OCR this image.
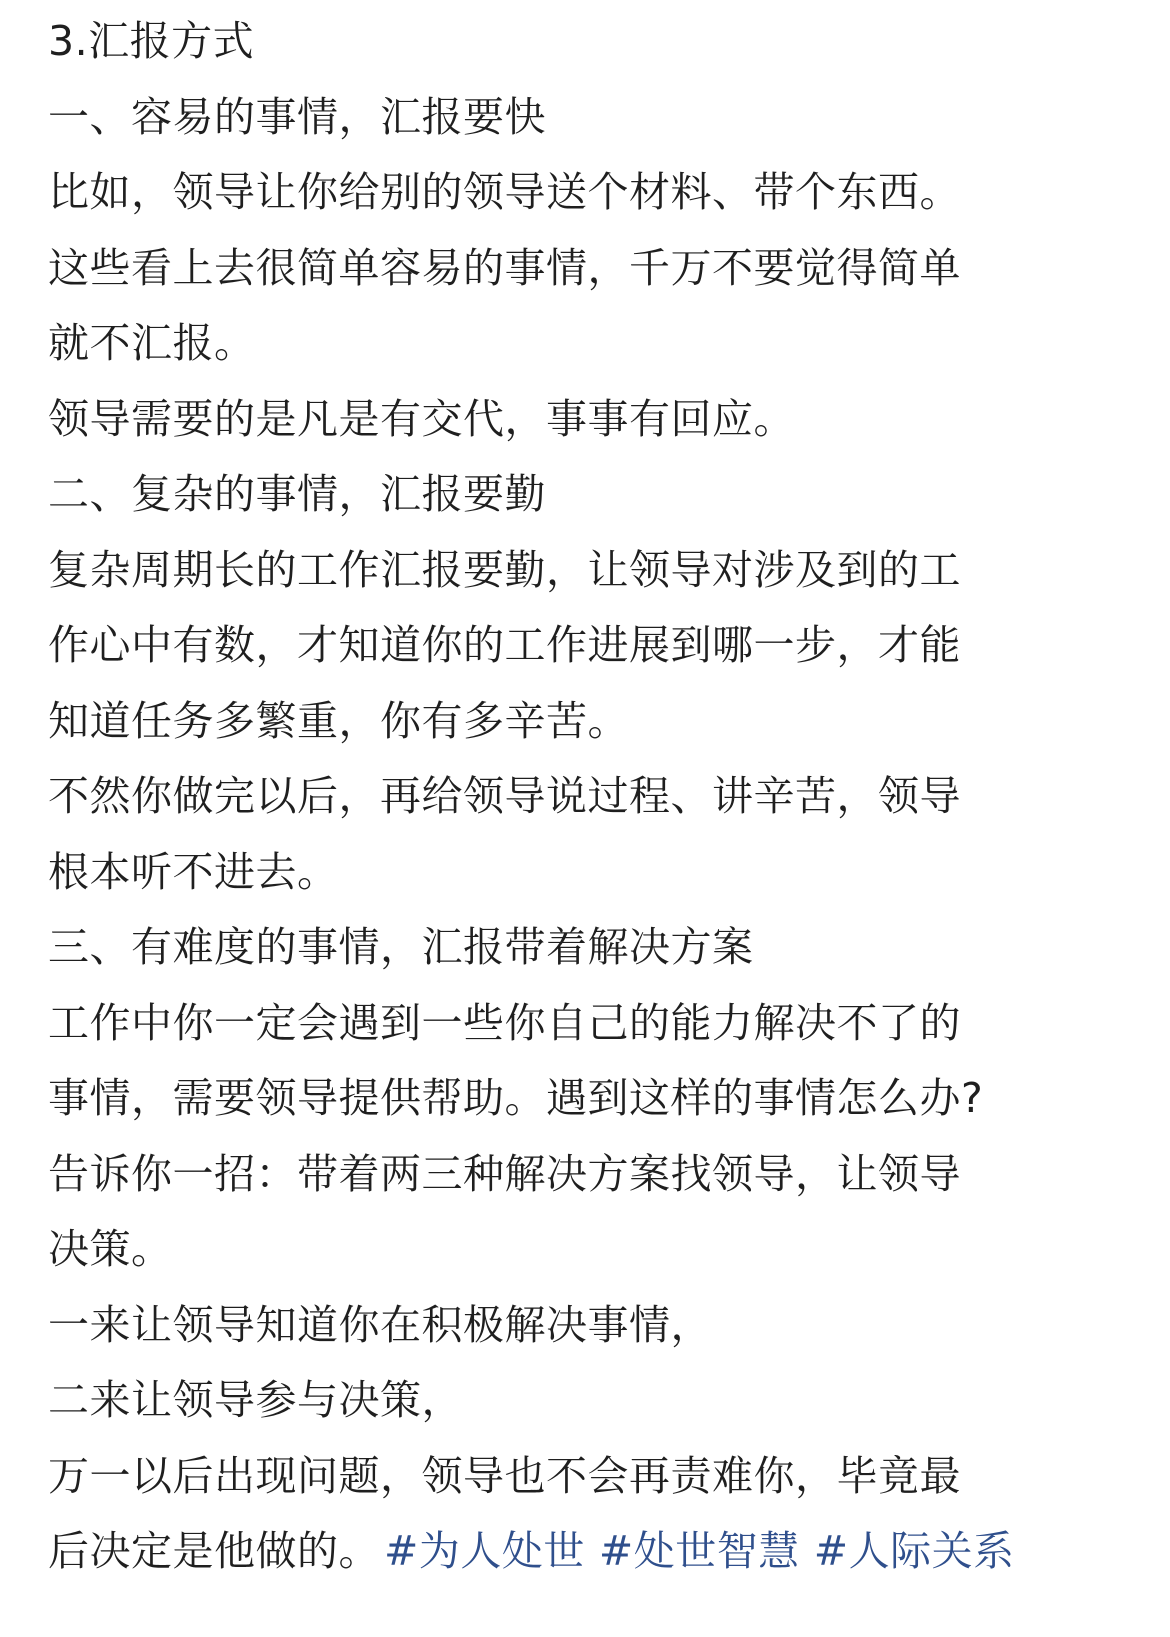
3.汇报方式
一、容易的事情，汇报要快
比如，领导让你给别的领导送个材料、带个东西。
这些看上去很简单容易的事情，千万不要觉得简单
就不汇报。
领导需要的是凡是有交代，事事有回应。
二、复杂的事情，汇报要勤
复杂周期长的工作汇报要勤，让领导对涉及到的工
作心中有数，才知道你的工作进展到哪一步，才能
知道任务多繁重，你有多辛苦。
不然你做完以后，再给领导说过程、讲辛苦，领导
根本听不进去。
三、有难度的事情，汇报带着解决方案
工作中你一定会遇到一些你自己的能力解决不了的
事情，需要领导提供帮助。遇到这样的事情怎么办?
告诉你一招：带着两三种解决方案找领导，让领导
决策。
一来让领导知道你在积极解决事情，
二来让领导参与决策，
万一以后出现问题，领导也不会再责难你，毕竟最
后决定是他做的。#为人处世 #处世智慧 #人际关系
